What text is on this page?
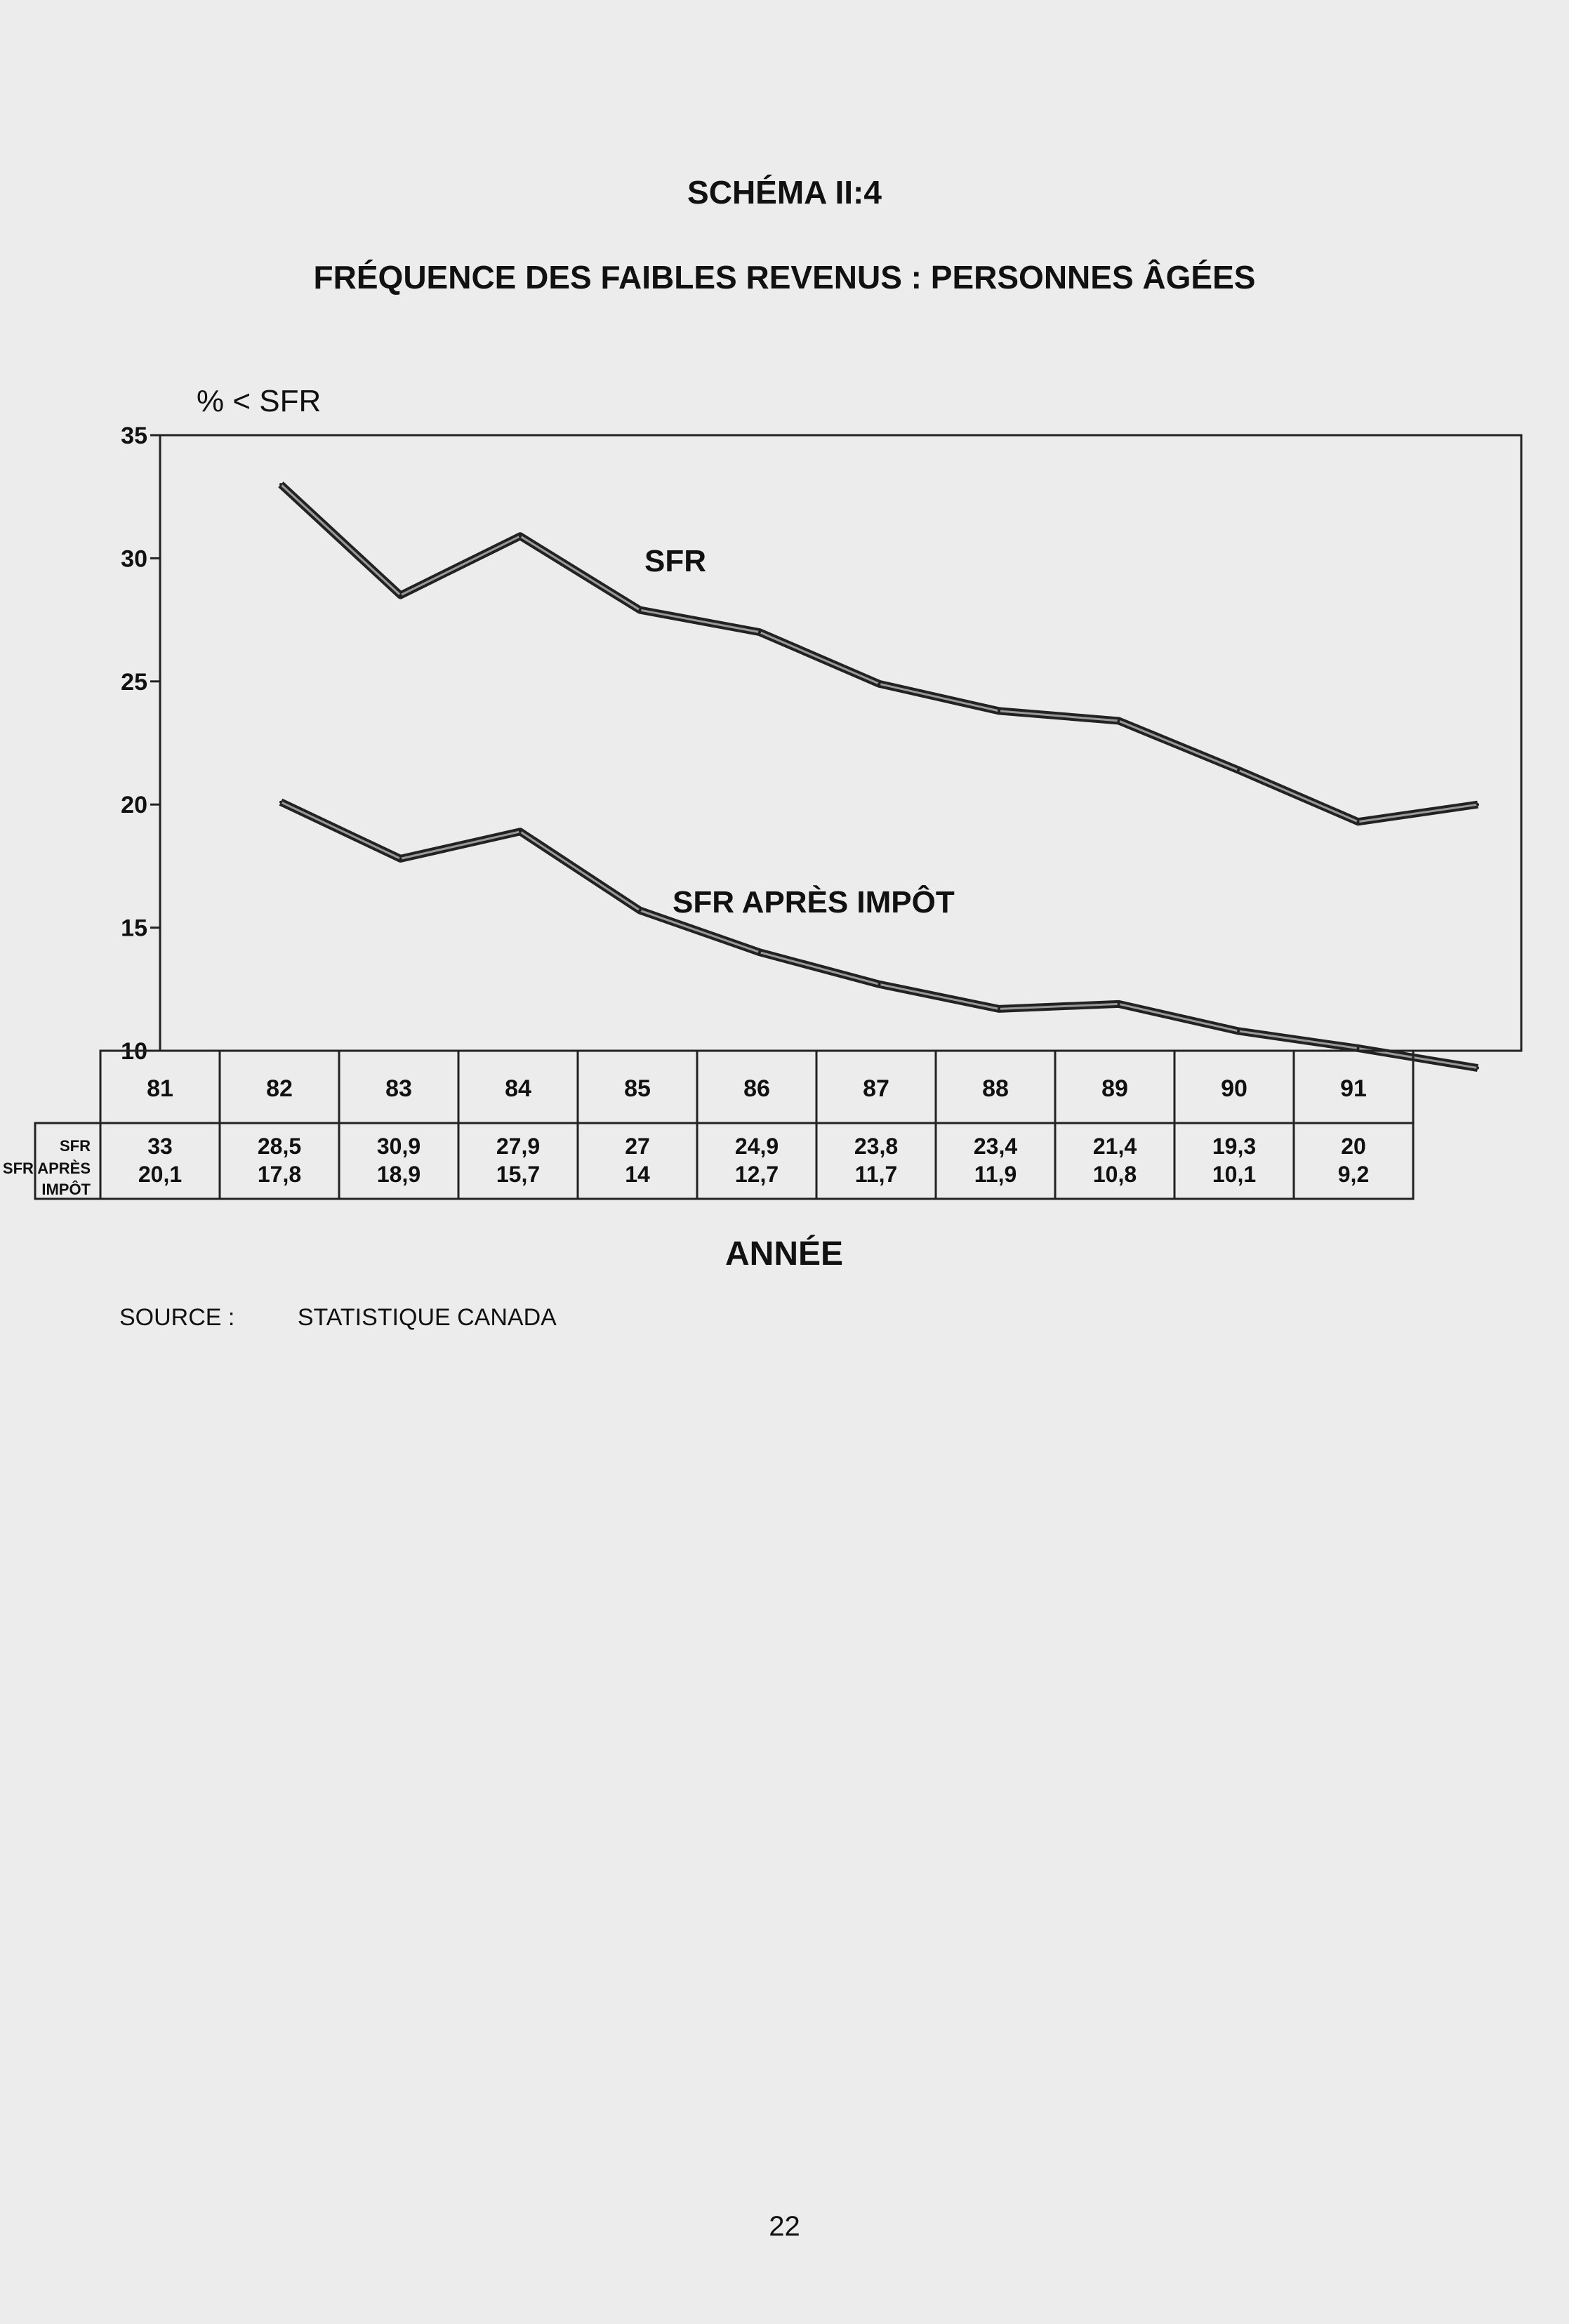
SCHÉMA II:4
FRÉQUENCE DES FAIBLES REVENUS : PERSONNES ÂGÉES
% < SFR
ANNÉE
10
15
20
25
30
35
SFR
SFR APRÈS IMPÔT
81
33
20,1
82
28,5
17,8
83
30,9
18,9
84
27,9
15,7
85
27
14
86
24,9
12,7
87
23,8
11,7
88
23,4
11,9
89
21,4
10,8
90
19,3
10,1
91
20
9,2
SFR
SFR APRÈS IMPÔT
SOURCE :	STATISTIQUE CANADA
22
